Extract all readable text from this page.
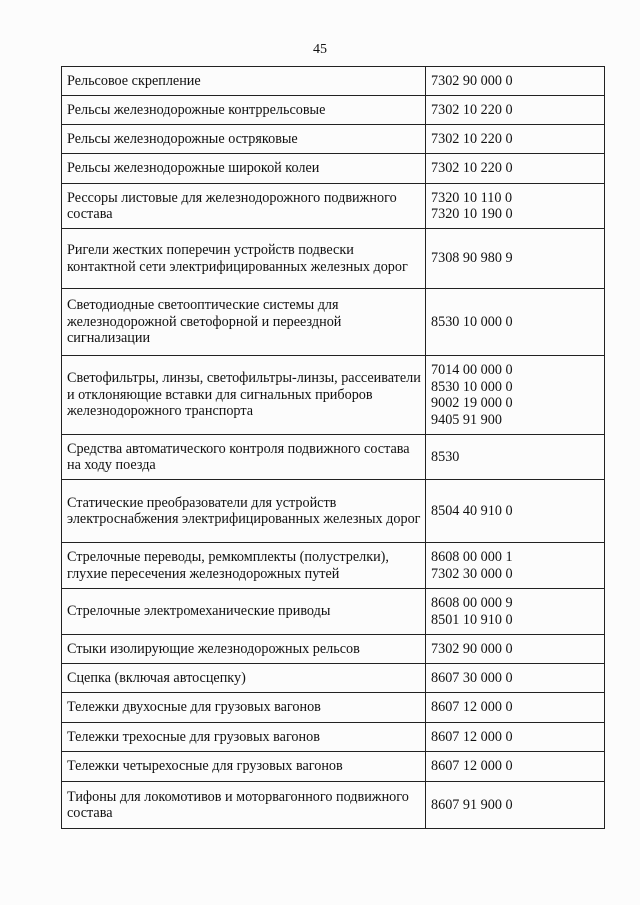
45
Рельсовое скрепление	7302 90 000 0

Рельсы железнодорожные контррельсовые	7302 10 220 0

Рельсы железнодорожные остряковые	7302 10 220 0

Рельсы железнодорожные широкой колеи	7302 10 220 0

Рессоры листовые для железнодорожного подвижного состава	7320 10 110 0
7320 10 190 0

Ригели жестких поперечин устройств подвески контактной сети электрифицированных железных дорог	7308 90 980 9

Светодиодные светооптические системы для железнодорожной светофорной и переездной сигнализации	8530 10 000 0

Светофильтры, линзы, светофильтры-линзы, рассеиватели и отклоняющие вставки для сигнальных приборов железнодорожного транспорта	7014 00 000 0
8530 10 000 0
9002 19 000 0
9405 91 900

Средства автоматического контроля подвижного состава на ходу поезда	8530

Статические преобразователи для устройств электроснабжения электрифицированных железных дорог	8504 40 910 0

Стрелочные переводы, ремкомплекты (полустрелки), глухие пересечения железнодорожных путей	8608 00 000 1
7302 30 000 0

Стрелочные электромеханические приводы	8608 00 000 9
8501 10 910 0

Стыки изолирующие железнодорожных рельсов	7302 90 000 0

Сцепка (включая автосцепку)	8607 30 000 0

Тележки двухосные для грузовых вагонов	8607 12 000 0

Тележки трехосные для грузовых вагонов	8607 12 000 0

Тележки четырехосные для грузовых вагонов	8607 12 000 0

Тифоны для локомотивов и моторвагонного подвижного состава	8607 91 900 0
